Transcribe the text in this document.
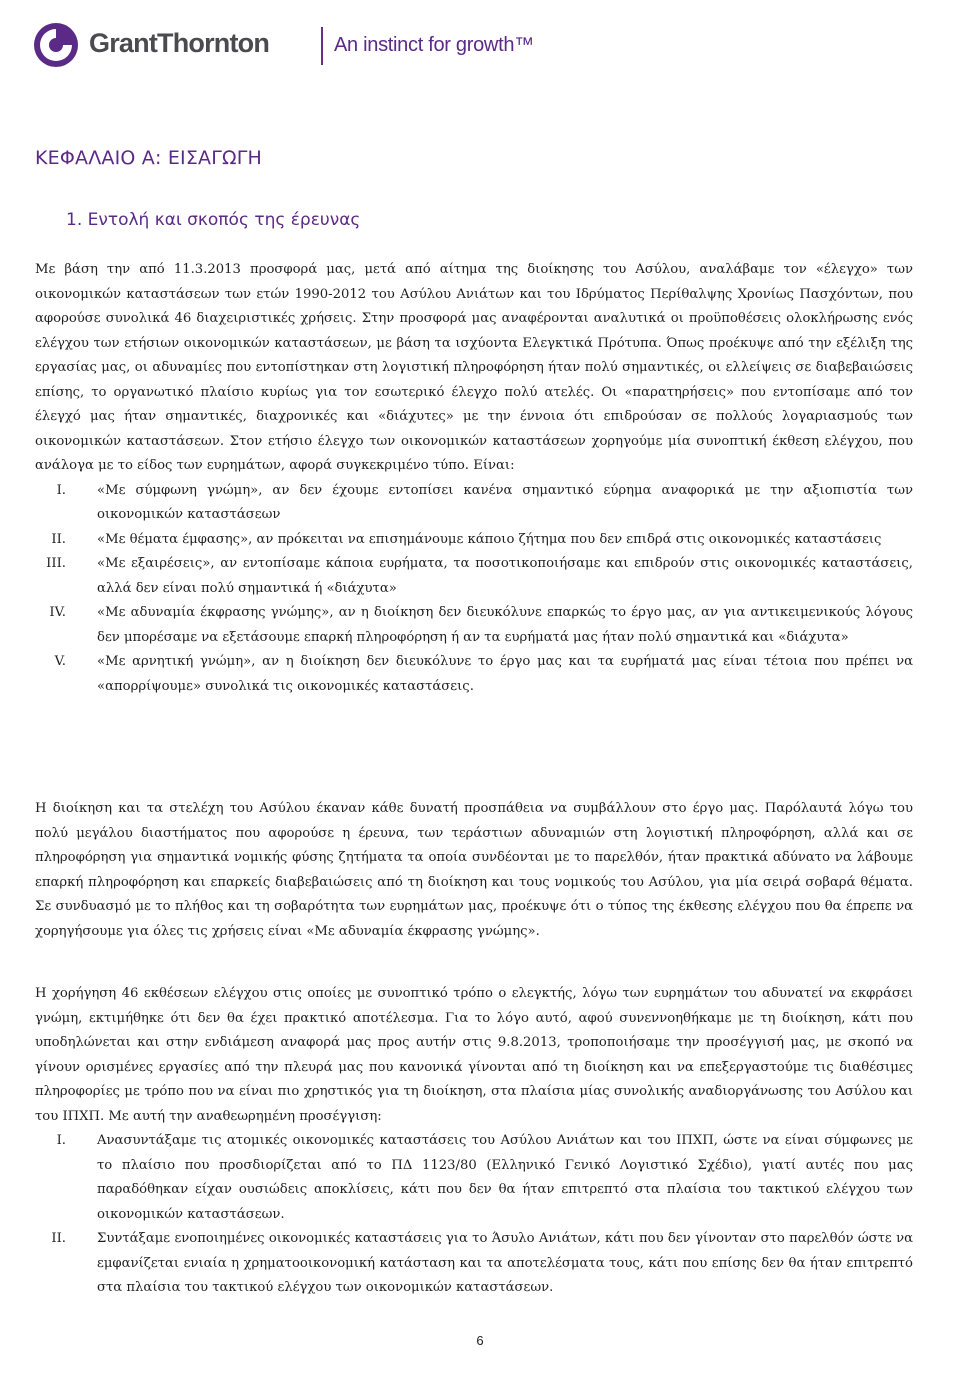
GrantThornton	An instinct for growth™
ΚΕΦΑΛΑΙΟ Α: ΕΙΣΑΓΩΓΗ
1. Εντολή και σκοπός της έρευνας

Με βάση την από 11.3.2013 προσφορά μας, μετά από αίτημα της διοίκησης του Ασύλου, αναλάβαμε τον «έλεγχο» των οικονομικών καταστάσεων των ετών 1990-2012 του Ασύλου Ανιάτων και του Ιδρύματος Περίθαλψης Χρονίως Πασχόντων, που αφορούσε συνολικά 46 διαχειριστικές χρήσεις. Στην προσφορά μας αναφέρονται αναλυτικά οι προϋποθέσεις ολοκλήρωσης ενός ελέγχου των ετήσιων οικονομικών καταστάσεων, με βάση τα ισχύοντα Ελεγκτικά Πρότυπα. Όπως προέκυψε από την εξέλιξη της εργασίας μας, οι αδυναμίες που εντοπίστηκαν στη λογιστική πληροφόρηση ήταν πολύ σημαντικές, οι ελλείψεις σε διαβεβαιώσεις επίσης, το οργανωτικό πλαίσιο κυρίως για τον εσωτερικό έλεγχο πολύ ατελές. Οι «παρατηρήσεις» που εντοπίσαμε από τον έλεγχό μας ήταν σημαντικές, διαχρονικές και «διάχυτες» με την έννοια ότι επιδρούσαν σε πολλούς λογαριασμούς των οικονομικών καταστάσεων. Στον ετήσιο έλεγχο των οικονομικών καταστάσεων χορηγούμε μία συνοπτική έκθεση ελέγχου, που ανάλογα με το είδος των ευρημάτων, αφορά συγκεκριμένο τύπο. Είναι:

I. «Με σύμφωνη γνώμη», αν δεν έχουμε εντοπίσει κανένα σημαντικό εύρημα αναφορικά με την αξιοπιστία των οικονομικών καταστάσεων
II. «Με θέματα έμφασης», αν πρόκειται να επισημάνουμε κάποιο ζήτημα που δεν επιδρά στις οικονομικές καταστάσεις
III. «Με εξαιρέσεις», αν εντοπίσαμε κάποια ευρήματα, τα ποσοτικοποιήσαμε και επιδρούν στις οικονομικές καταστάσεις, αλλά δεν είναι πολύ σημαντικά ή «διάχυτα»
IV. «Με αδυναμία έκφρασης γνώμης», αν η διοίκηση δεν διευκόλυνε επαρκώς το έργο μας, αν για αντικειμενικούς λόγους δεν μπορέσαμε να εξετάσουμε επαρκή πληροφόρηση ή αν τα ευρήματά μας ήταν πολύ σημαντικά και «διάχυτα»
V. «Με αρνητική γνώμη», αν η διοίκηση δεν διευκόλυνε το έργο μας και τα ευρήματά μας είναι τέτοια που πρέπει να «απορρίψουμε» συνολικά τις οικονομικές καταστάσεις.

Η διοίκηση και τα στελέχη του Ασύλου έκαναν κάθε δυνατή προσπάθεια να συμβάλλουν στο έργο μας. Παρόλαυτά λόγω του πολύ μεγάλου διαστήματος που αφορούσε η έρευνα, των τεράστιων αδυναμιών στη λογιστική πληροφόρηση, αλλά και σε πληροφόρηση για σημαντικά νομικής φύσης ζητήματα τα οποία συνδέονται με το παρελθόν, ήταν πρακτικά αδύνατο να λάβουμε επαρκή πληροφόρηση και επαρκείς διαβεβαιώσεις από τη διοίκηση και τους νομικούς του Ασύλου, για μία σειρά σοβαρά θέματα. Σε συνδυασμό με το πλήθος και τη σοβαρότητα των ευρημάτων μας, προέκυψε ότι ο τύπος της έκθεσης ελέγχου που θα έπρεπε να χορηγήσουμε για όλες τις χρήσεις είναι «Με αδυναμία έκφρασης γνώμης».

Η χορήγηση 46 εκθέσεων ελέγχου στις οποίες με συνοπτικό τρόπο ο ελεγκτής, λόγω των ευρημάτων του αδυνατεί να εκφράσει γνώμη, εκτιμήθηκε ότι δεν θα έχει πρακτικό αποτέλεσμα. Για το λόγο αυτό, αφού συνεννοηθήκαμε με τη διοίκηση, κάτι που υποδηλώνεται και στην ενδιάμεση αναφορά μας προς αυτήν στις 9.8.2013, τροποποιήσαμε την προσέγγισή μας, με σκοπό να γίνουν ορισμένες εργασίες από την πλευρά μας που κανονικά γίνονται από τη διοίκηση και να επεξεργαστούμε τις διαθέσιμες πληροφορίες με τρόπο που να είναι πιο χρηστικός για τη διοίκηση, στα πλαίσια μίας συνολικής αναδιοργάνωσης του Ασύλου και του ΙΠΧΠ. Με αυτή την αναθεωρημένη προσέγγιση:

I. Ανασυντάξαμε τις ατομικές οικονομικές καταστάσεις του Ασύλου Ανιάτων και του ΙΠΧΠ, ώστε να είναι σύμφωνες με το πλαίσιο που προσδιορίζεται από το ΠΔ 1123/80 (Ελληνικό Γενικό Λογιστικό Σχέδιο), γιατί αυτές που μας παραδόθηκαν είχαν ουσιώδεις αποκλίσεις, κάτι που δεν θα ήταν επιτρεπτό στα πλαίσια του τακτικού ελέγχου των οικονομικών καταστάσεων.
II. Συντάξαμε ενοποιημένες οικονομικές καταστάσεις για το Άσυλο Ανιάτων, κάτι που δεν γίνονταν στο παρελθόν ώστε να εμφανίζεται ενιαία η χρηματοοικονομική κατάσταση και τα αποτελέσματα τους, κάτι που επίσης δεν θα ήταν επιτρεπτό στα πλαίσια του τακτικού ελέγχου των οικονομικών καταστάσεων.
6
